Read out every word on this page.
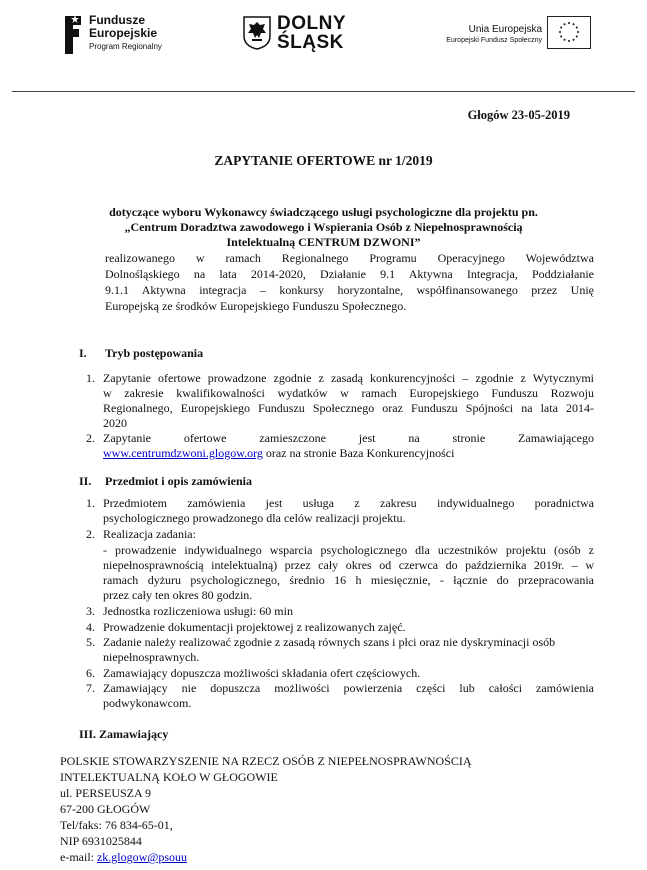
Fundusze
Europejskie
Program Regionalny
DOLNY
ŚLĄSK
Unia Europejska
Europejski Fundusz Społeczny
Głogów 23-05-2019
ZAPYTANIE OFERTOWE nr 1/2019
dotyczące wyboru Wykonawcy świadczącego usługi psychologiczne dla projektu pn.
„Centrum Doradztwa zawodowego i Wspierania Osób z Niepełnosprawnością
Intelektualną CENTRUM DZWONI”
realizowanego w ramach Regionalnego Programu Operacyjnego Województwa
Dolnośląskiego na lata 2014-2020, Działanie 9.1 Aktywna Integracja, Poddziałanie
9.1.1 Aktywna integracja – konkursy horyzontalne, współfinansowanego przez Unię
Europejską ze środków Europejskiego Funduszu Społecznego.
I. Tryb postępowania
1. Zapytanie ofertowe prowadzone zgodnie z zasadą konkurencyjności – zgodnie z Wytycznymi
w zakresie kwalifikowalności wydatków w ramach Europejskiego Funduszu Rozwoju
Regionalnego, Europejskiego Funduszu Społecznego oraz Funduszu Spójności na lata 2014-
2020
2. Zapytanie ofertowe zamieszczone jest na stronie Zamawiającego
www.centrumdzwoni.glogow.org oraz na stronie Baza Konkurencyjności
II. Przedmiot i opis zamówienia
1. Przedmiotem zamówienia jest usługa z zakresu indywidualnego poradnictwa
psychologicznego prowadzonego dla celów realizacji projektu.
2. Realizacja zadania:
- prowadzenie indywidualnego wsparcia psychologicznego dla uczestników projektu (osób z
niepełnosprawnością intelektualną) przez cały okres od czerwca do października 2019r. – w
ramach dyżuru psychologicznego, średnio 16 h miesięcznie, - łącznie do przepracowania
przez cały ten okres 80 godzin.
3. Jednostka rozliczeniowa usługi: 60 min
4. Prowadzenie dokumentacji projektowej z realizowanych zajęć.
5. Zadanie należy realizować zgodnie z zasadą równych szans i płci oraz nie dyskryminacji osób
niepełnosprawnych.
6. Zamawiający dopuszcza możliwości składania ofert częściowych.
7. Zamawiający nie dopuszcza możliwości powierzenia części lub całości zamówienia
podwykonawcom.
III. Zamawiający
POLSKIE STOWARZYSZENIE NA RZECZ OSÓB Z NIEPEŁNOSPRAWNOŚCIĄ
INTELEKTUALNĄ KOŁO W GŁOGOWIE
ul. PERSEUSZA 9
67-200 GŁOGÓW
Tel/faks: 76 834-65-01,
NIP 6931025844
e-mail: zk.glogow@psouu
